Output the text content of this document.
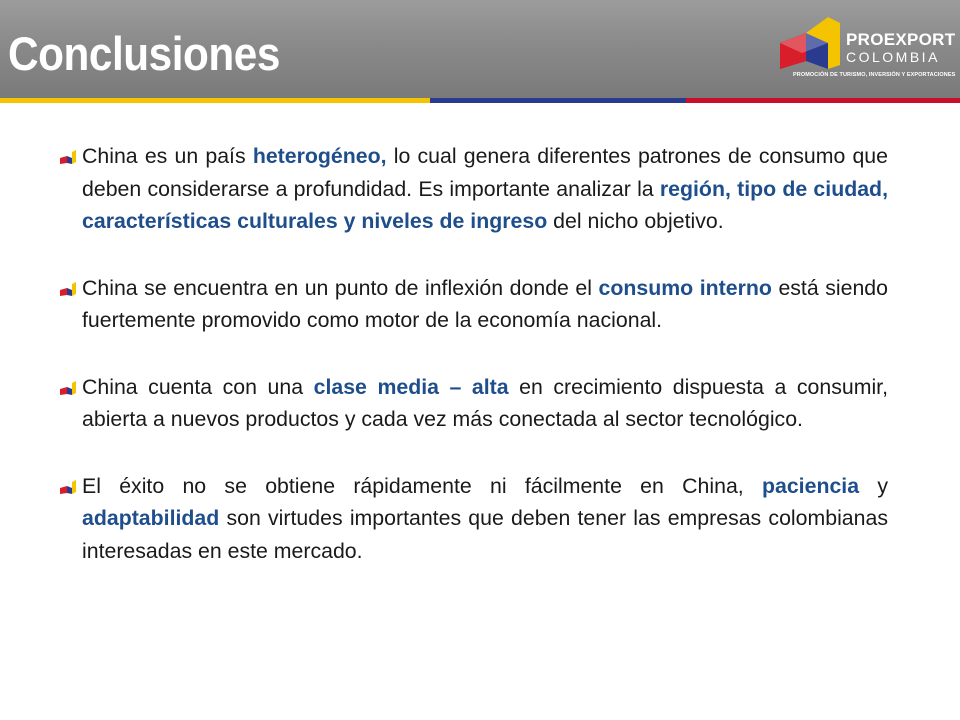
Conclusiones	PROEXPORT
COLOMBIA
PROMOCIÓN DE TURISMO, INVERSIÓN Y EXPORTACIONES
China es un país heterogéneo, lo cual genera diferentes patrones de consumo que deben considerarse a profundidad. Es importante analizar la región, tipo de ciudad, características culturales y niveles de ingreso del nicho objetivo.
China se encuentra en un punto de inflexión donde el consumo interno está siendo fuertemente promovido como motor de la economía nacional.
China cuenta con una clase media – alta en crecimiento dispuesta a consumir, abierta a nuevos productos y cada vez más conectada al sector tecnológico.
El éxito no se obtiene rápidamente ni fácilmente en China, paciencia y adaptabilidad son virtudes importantes que deben tener las empresas colombianas interesadas en este mercado.
